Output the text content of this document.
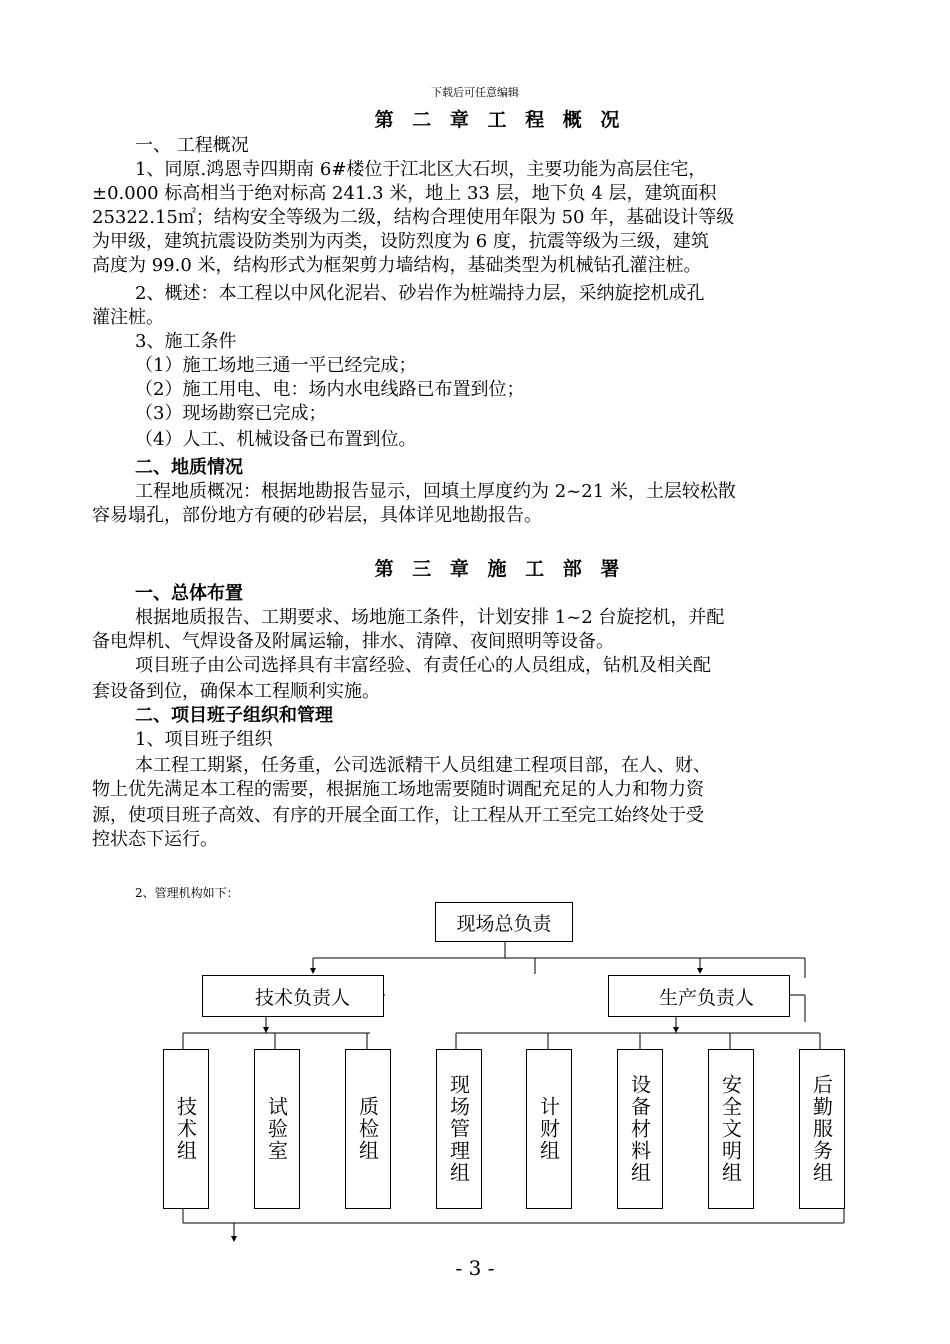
下载后可任意编辑
第 二 章 工 程 概 况
一、 工程概况
1、同原.鸿恩寺四期南 6#楼位于江北区大石坝，主要功能为高层住宅，
±0.000 标高相当于绝对标高 241.3 米，地上 33 层，地下负 4 层，建筑面积
25322.15㎡；结构安全等级为二级，结构合理使用年限为 50 年，基础设计等级
为甲级，建筑抗震设防类别为丙类，设防烈度为 6 度，抗震等级为三级，建筑
高度为 99.0 米，结构形式为框架剪力墙结构，基础类型为机械钻孔灌注桩。
2、概述：本工程以中风化泥岩、砂岩作为桩端持力层，采纳旋挖机成孔
灌注桩。
3、施工条件
（1）施工场地三通一平已经完成；
（2）施工用电、电：场内水电线路已布置到位；
（3）现场勘察已完成；
（4）人工、机械设备已布置到位。
二、地质情况
工程地质概况：根据地勘报告显示，回填土厚度约为 2~21 米，土层较松散
容易塌孔，部份地方有硬的砂岩层，具体详见地勘报告。
第 三 章 施 工 部 署
一、总体布置
根据地质报告、工期要求、场地施工条件，计划安排 1~2 台旋挖机，并配
备电焊机、气焊设备及附属运输，排水、清障、夜间照明等设备。
项目班子由公司选择具有丰富经验、有责任心的人员组成，钻机及相关配
套设备到位，确保本工程顺利实施。
二、项目班子组织和管理
1、项目班子组织
本工程工期紧，任务重，公司选派精干人员组建工程项目部，在人、财、
物上优先满足本工程的需要，根据施工场地需要随时调配充足的人力和物力资
源，使项目班子高效、有序的开展全面工作，让工程从开工至完工始终处于受
控状态下运行。
2、管理机构如下：
现场总负责
技术负责人	生产负责人
技术组	试验室	质检组	现场管理组	计财组	设备材料组	安全文明组	后勤服务组
- 3 -
